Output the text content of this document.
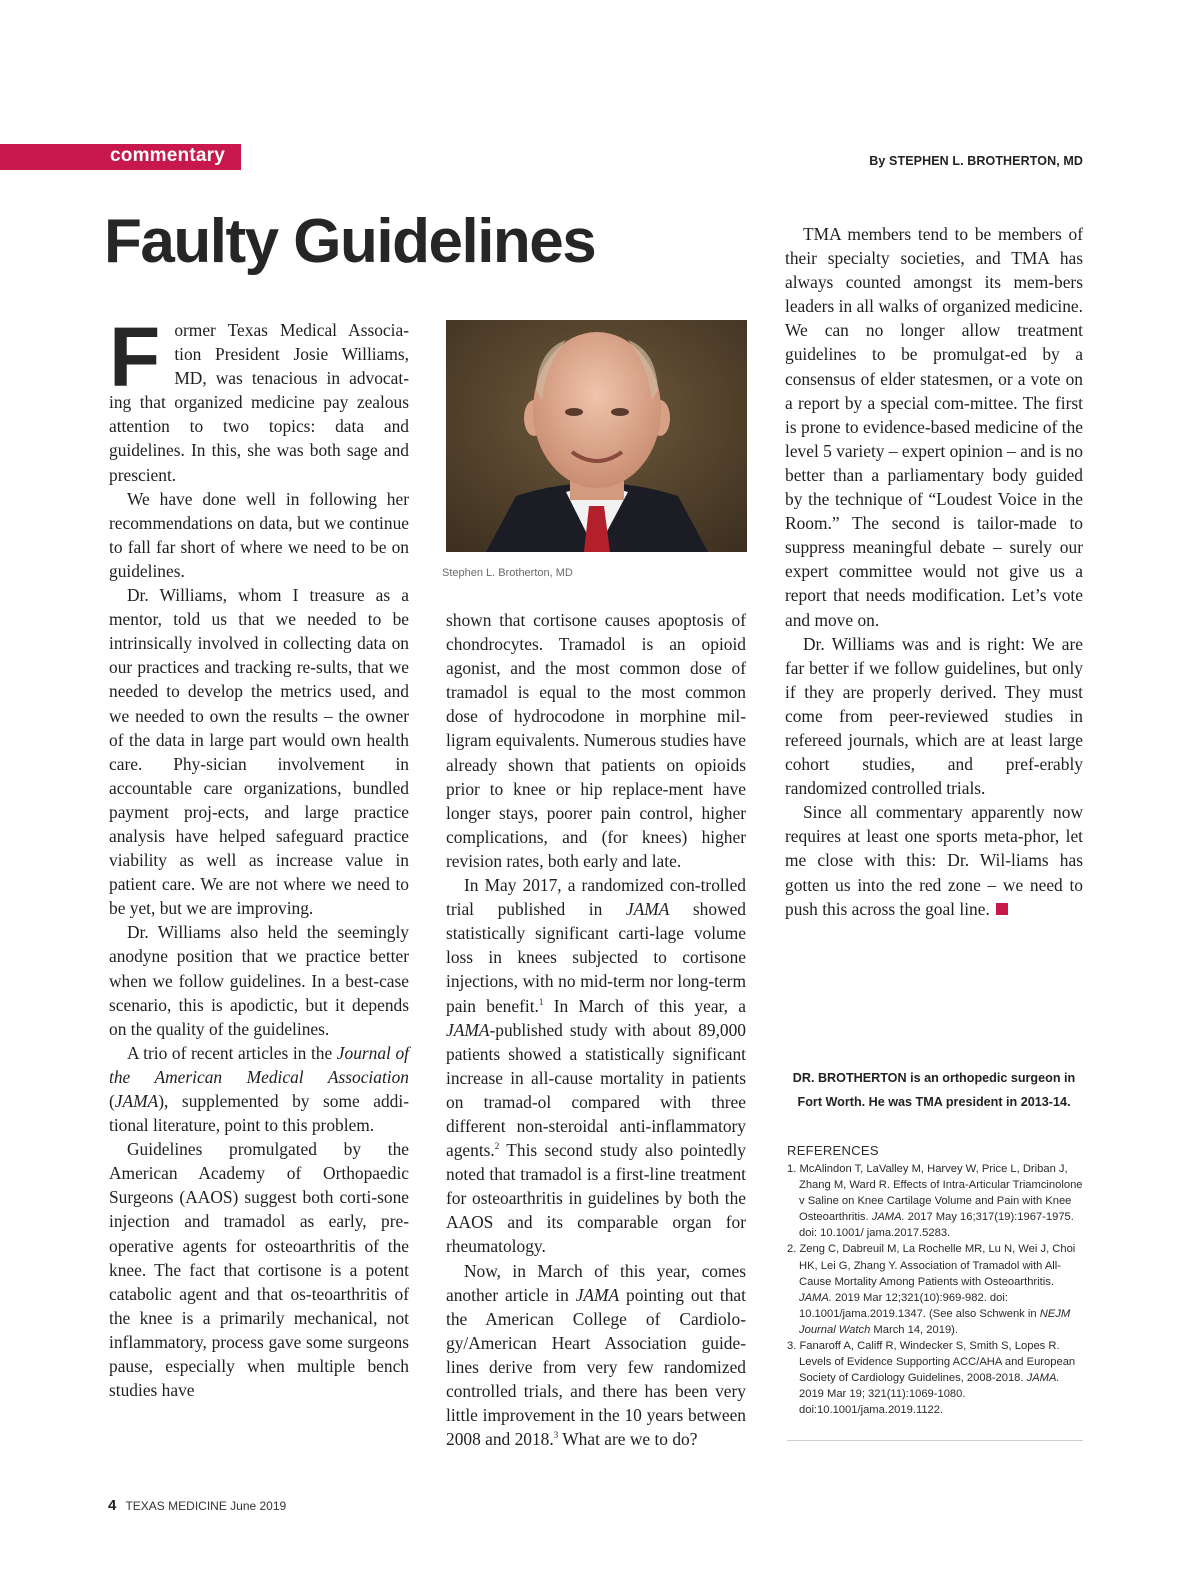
commentary	By STEPHEN L. BROTHERTON, MD
Faulty Guidelines
F ormer Texas Medical Associa-tion President Josie Williams, MD, was tenacious in advocat-ing that organized medicine pay zealous attention to two topics: data and guidelines. In this, she was both sage and prescient.

We have done well in following her recommendations on data, but we continue to fall far short of where we need to be on guidelines.

Dr. Williams, whom I treasure as a mentor, told us that we needed to be intrinsically involved in collecting data on our practices and tracking re-sults, that we needed to develop the metrics used, and we needed to own the results – the owner of the data in large part would own health care. Phy-sician involvement in accountable care organizations, bundled payment proj-ects, and large practice analysis have helped safeguard practice viability as well as increase value in patient care. We are not where we need to be yet, but we are improving.

Dr. Williams also held the seemingly anodyne position that we practice better when we follow guidelines. In a best-case scenario, this is apodictic, but it depends on the quality of the guidelines.

A trio of recent articles in the Journal of the American Medical Association (JAMA), supplemented by some addi-tional literature, point to this problem.

Guidelines promulgated by the American Academy of Orthopaedic Surgeons (AAOS) suggest both corti-sone injection and tramadol as early, pre-operative agents for osteoarthritis of the knee. The fact that cortisone is a potent catabolic agent and that os-teoarthritis of the knee is a primarily mechanical, not inflammatory, process gave some surgeons pause, especially when multiple bench studies have

Stephen L. Brotherton, MD

shown that cortisone causes apoptosis of chondrocytes. Tramadol is an opioid agonist, and the most common dose of tramadol is equal to the most common dose of hydrocodone in morphine mil-ligram equivalents. Numerous studies have already shown that patients on opioids prior to knee or hip replace-ment have longer stays, poorer pain control, higher complications, and (for knees) higher revision rates, both early and late.

In May 2017, a randomized con-trolled trial published in JAMA showed statistically significant carti-lage volume loss in knees subjected to cortisone injections, with no mid-term nor long-term pain benefit.$^1$ In March of this year, a JAMA-published study with about 89,000 patients showed a statistically significant increase in all-cause mortality in patients on tramad-ol compared with three different non-steroidal anti-inflammatory agents.$^2$ This second study also pointedly noted that tramadol is a first-line treatment for osteoarthritis in guidelines by both the AAOS and its comparable organ for rheumatology.

Now, in March of this year, comes another article in JAMA pointing out that the American College of Cardiolo-gy/American Heart Association guide-lines derive from very few randomized controlled trials, and there has been very little improvement in the 10 years between 2008 and 2018.$^3$ What are we to do?

TMA members tend to be members of their specialty societies, and TMA has always counted amongst its mem-bers leaders in all walks of organized medicine. We can no longer allow treatment guidelines to be promulgat-ed by a consensus of elder statesmen, or a vote on a report by a special com-mittee. The first is prone to evidence-based medicine of the level 5 variety – expert opinion – and is no better than a parliamentary body guided by the technique of “Loudest Voice in the Room.” The second is tailor-made to suppress meaningful debate – surely our expert committee would not give us a report that needs modification. Let’s vote and move on.

Dr. Williams was and is right: We are far better if we follow guidelines, but only if they are properly derived. They must come from peer-reviewed studies in refereed journals, which are at least large cohort studies, and pref-erably randomized controlled trials.

Since all commentary apparently now requires at least one sports meta-phor, let me close with this: Dr. Wil-liams has gotten us into the red zone – we need to push this across the goal line.

DR. BROTHERTON is an orthopedic surgeon in
Fort Worth. He was TMA president in 2013-14.

REFERENCES
1. McAlindon T, LaValley M, Harvey W, Price L, Driban J, Zhang M, Ward R. Effects of Intra-Articular Triamcinolone v Saline on Knee Cartilage Volume and Pain with Knee Osteoarthritis. JAMA. 2017 May 16;317(19):1967-1975. doi: 10.1001/ jama.2017.5283.
2. Zeng C, Dabreuil M, La Rochelle MR, Lu N, Wei J, Choi HK, Lei G, Zhang Y. Association of Tramadol with All-Cause Mortality Among Patients with Osteoarthritis. JAMA. 2019 Mar 12;321(10):969-982. doi: 10.1001/jama.2019.1347. (See also Schwenk in NEJM Journal Watch March 14, 2019).
3. Fanaroff A, Califf R, Windecker S, Smith S, Lopes R. Levels of Evidence Supporting ACC/AHA and European Society of Cardiology Guidelines, 2008-2018. JAMA. 2019 Mar 19; 321(11):1069-1080. doi:10.1001/jama.2019.1122.
4 TEXAS MEDICINE June 2019
